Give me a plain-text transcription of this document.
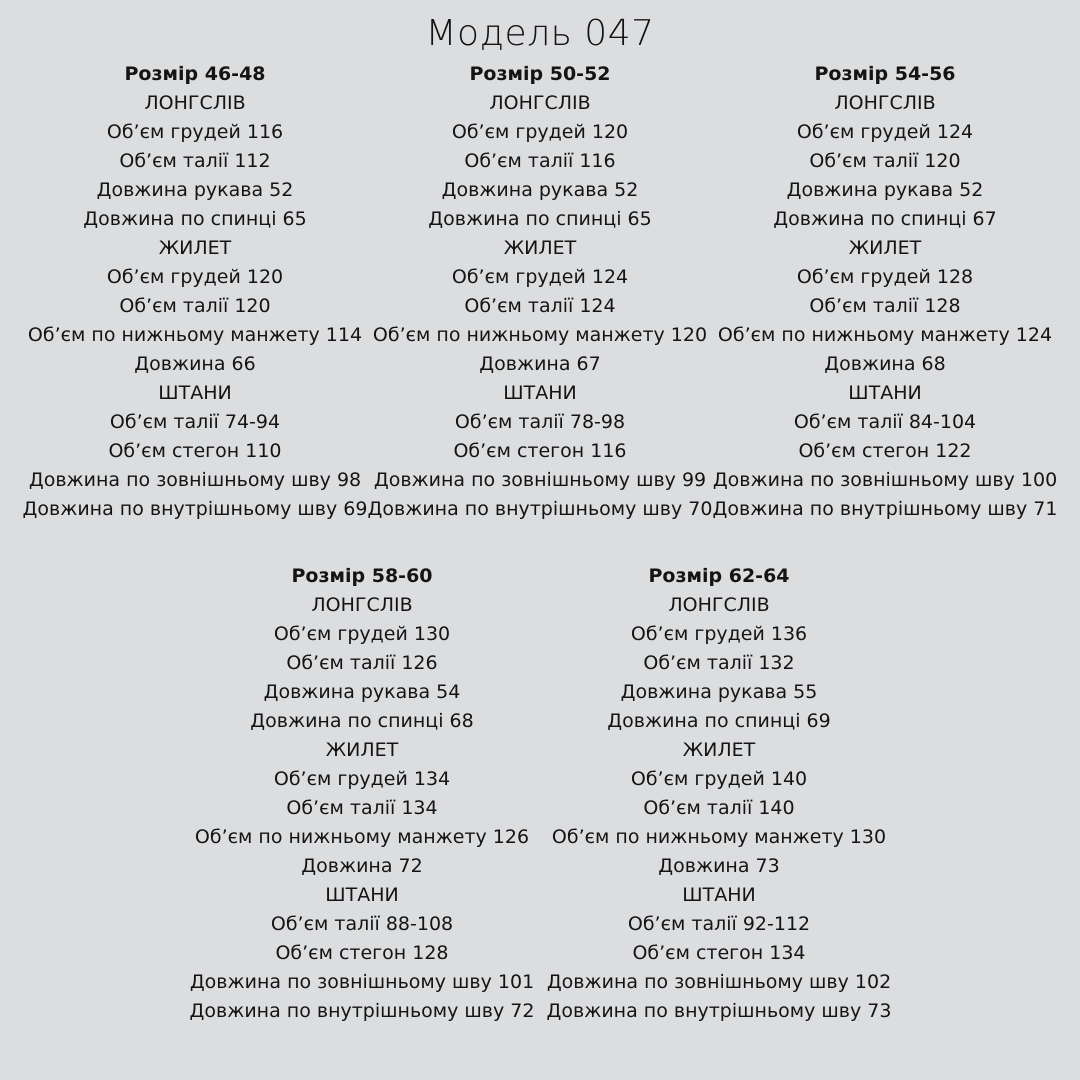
Модель 047
Розмір 46-48
ЛОНГСЛІВ
Об’єм грудей 116
Об’єм талії 112
Довжина рукава 52
Довжина по спинці 65
ЖИЛЕТ
Об’єм грудей 120
Об’єм талії 120
Об’єм по нижньому манжету 114
Довжина 66
ШТАНИ
Об’єм талії 74-94
Об’єм стегон 110
Довжина по зовнішньому шву 98
Довжина по внутрішньому шву 69
Розмір 50-52
ЛОНГСЛІВ
Об’єм грудей 120
Об’єм талії 116
Довжина рукава 52
Довжина по спинці 65
ЖИЛЕТ
Об’єм грудей 124
Об’єм талії 124
Об’єм по нижньому манжету 120
Довжина 67
ШТАНИ
Об’єм талії 78-98
Об’єм стегон 116
Довжина по зовнішньому шву 99
Довжина по внутрішньому шву 70
Розмір 54-56
ЛОНГСЛІВ
Об’єм грудей 124
Об’єм талії 120
Довжина рукава 52
Довжина по спинці 67
ЖИЛЕТ
Об’єм грудей 128
Об’єм талії 128
Об’єм по нижньому манжету 124
Довжина 68
ШТАНИ
Об’єм талії 84-104
Об’єм стегон 122
Довжина по зовнішньому шву 100
Довжина по внутрішньому шву 71
Розмір 58-60
ЛОНГСЛІВ
Об’єм грудей 130
Об’єм талії 126
Довжина рукава 54
Довжина по спинці 68
ЖИЛЕТ
Об’єм грудей 134
Об’єм талії 134
Об’єм по нижньому манжету 126
Довжина 72
ШТАНИ
Об’єм талії 88-108
Об’єм стегон 128
Довжина по зовнішньому шву 101
Довжина по внутрішньому шву 72
Розмір 62-64
ЛОНГСЛІВ
Об’єм грудей 136
Об’єм талії 132
Довжина рукава 55
Довжина по спинці 69
ЖИЛЕТ
Об’єм грудей 140
Об’єм талії 140
Об’єм по нижньому манжету 130
Довжина 73
ШТАНИ
Об’єм талії 92-112
Об’єм стегон 134
Довжина по зовнішньому шву 102
Довжина по внутрішньому шву 73
